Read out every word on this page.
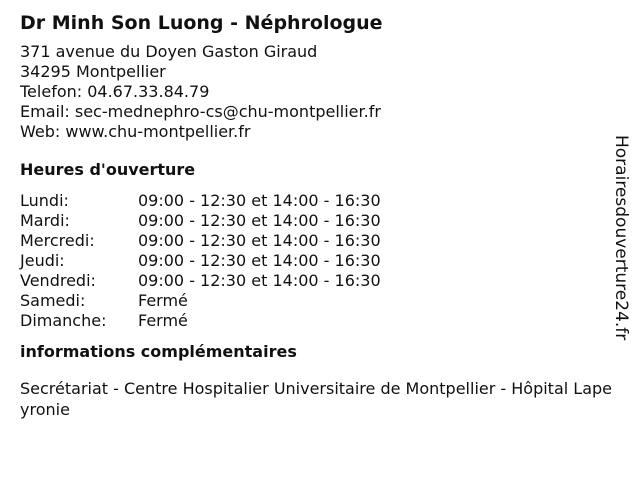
Dr Minh Son Luong - Néphrologue
371 avenue du Doyen Gaston Giraud
34295 Montpellier
Telefon: 04.67.33.84.79
Email: sec-mednephro-cs@chu-montpellier.fr
Web: www.chu-montpellier.fr
Heures d'ouverture
Lundi:	09:00 - 12:30 et 14:00 - 16:30
Mardi:	09:00 - 12:30 et 14:00 - 16:30
Mercredi:	09:00 - 12:30 et 14:00 - 16:30
Jeudi:	09:00 - 12:30 et 14:00 - 16:30
Vendredi:	09:00 - 12:30 et 14:00 - 16:30
Samedi:	Fermé
Dimanche:	Fermé
informations complémentaires
Secrétariat - Centre Hospitalier Universitaire de Montpellier - Hôpital Lapeyronie
Horairesdouverture24.fr
